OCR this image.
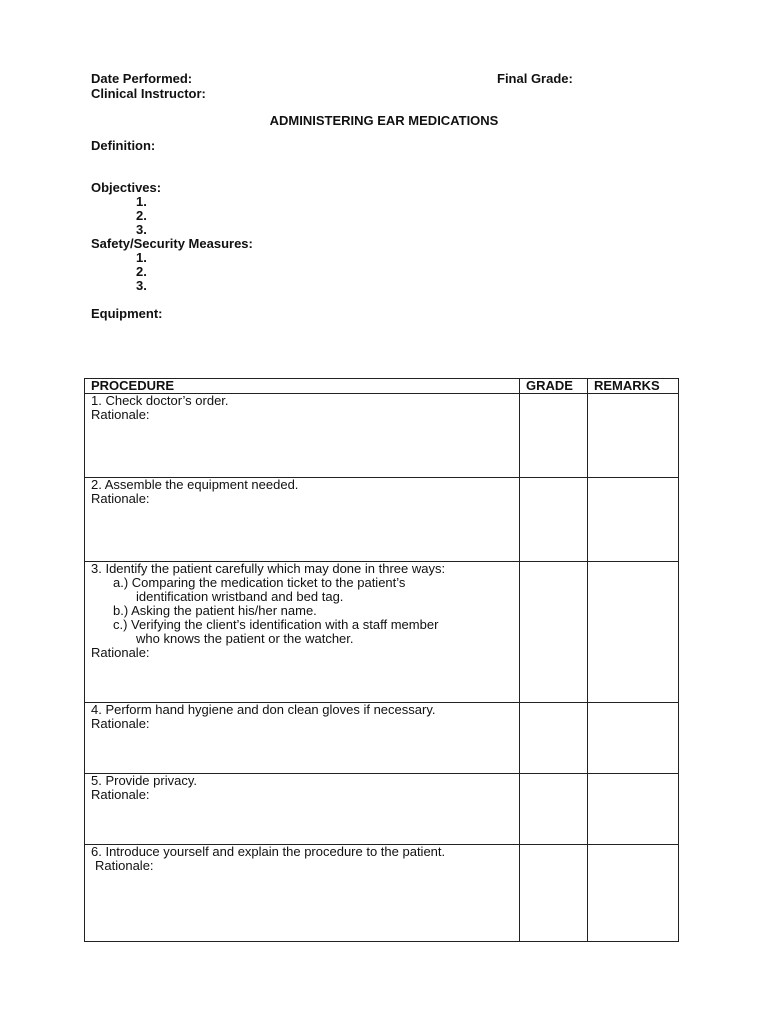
Date Performed:	Final Grade:
Clinical Instructor:
ADMINISTERING EAR MEDICATIONS
Definition:
Objectives:
1.
2.
3.
Safety/Security Measures:
1.
2.
3.
Equipment:
PROCEDURE	GRADE REMARKS
1. Check doctor’s order.
Rationale:
2. Assemble the equipment needed.
Rationale:
3. Identify the patient carefully which may done in three ways:
a.) Comparing the medication ticket to the patient’s
identification wristband and bed tag.
b.) Asking the patient his/her name.
c.) Verifying the client’s identification with a staff member
who knows the patient or the watcher.
Rationale:
4. Perform hand hygiene and don clean gloves if necessary.
Rationale:
5. Provide privacy.
Rationale:
6. Introduce yourself and explain the procedure to the patient.
Rationale:
